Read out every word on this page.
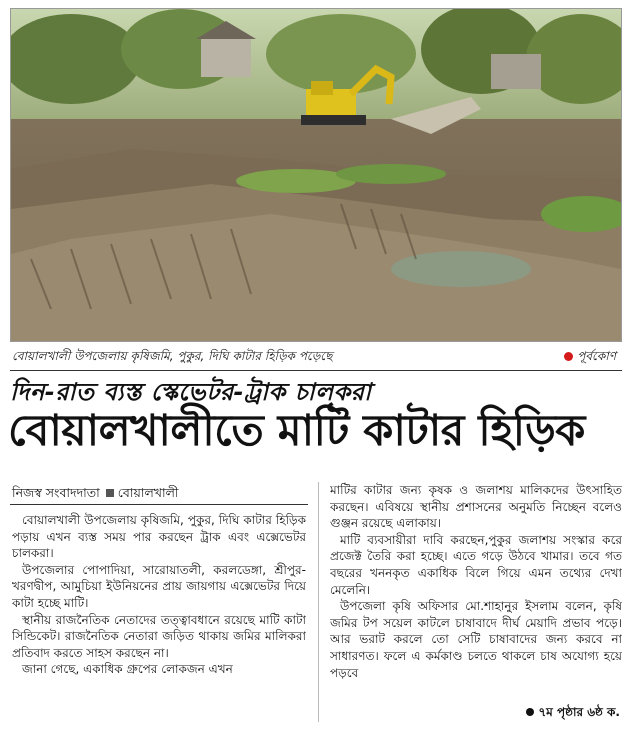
বোয়ালখালী উপজেলায় কৃষিজমি, পুকুর, দিঘি কাটার হিড়িক পড়েছে	পূর্বকোণ
দিন-রাত ব্যস্ত স্কেভেটর-ট্রাক চালকরা
বোয়ালখালীতে মাটি কাটার হিড়িক
নিজস্ব সংবাদদাতা বোয়ালখালী

বোয়ালখালী উপজেলায় কৃষিজমি, পুকুর, দিঘি কাটার হিড়িক পড়ায় এখন ব্যস্ত সময় পার করছেন ট্রাক এবং এক্সেভেটর চালকরা।

উপজেলার পোপাদিয়া, সারোয়াতলী, করলডেঙ্গা, শ্রীপুর-খরণদ্বীপ, আমুচিয়া ইউনিয়নের প্রায় জায়গায় এক্সেভেটর দিয়ে কাটা হচ্ছে মাটি।

স্থানীয় রাজনৈতিক নেতাদের তত্ত্বাবধানে রয়েছে মাটি কাটা সিন্ডিকেট। রাজনৈতিক নেতারা জড়িত থাকায় জমির মালিকরা প্রতিবাদ করতে সাহস করছেন না।

জানা গেছে, একাধিক গ্রুপের লোকজন এখন

মাটির কাটার জন্য কৃষক ও জলাশয় মালিকদের উৎসাহিত করছেন। এবিষয়ে স্থানীয় প্রশাসনের অনুমতি নিচ্ছেন বলেও গুঞ্জন রয়েছে এলাকায়।

মাটি ব্যবসায়ীরা দাবি করছেন,পুকুর জলাশয় সংস্কার করে প্রজেক্ট তৈরি করা হচ্ছে। এতে গড়ে উঠবে খামার। তবে গত বছরের খননকৃত একাধিক বিলে গিয়ে এমন তথ্যের দেখা মেলেনি।

উপজেলা কৃষি অফিসার মো.শাহানুর ইসলাম বলেন, কৃষি জমির টপ সয়েল কাটলে চাষাবাদে দীর্ঘ মেয়াদি প্রভাব পড়ে। আর ভরাট করলে তো সেটি চাষাবাদের জন্য করবে না সাধারণত। ফলে এ কর্মকাণ্ড চলতে থাকলে চাষ অযোগ্য হয়ে পড়বে

৭ম পৃষ্ঠার ৬ষ্ঠ ক.
